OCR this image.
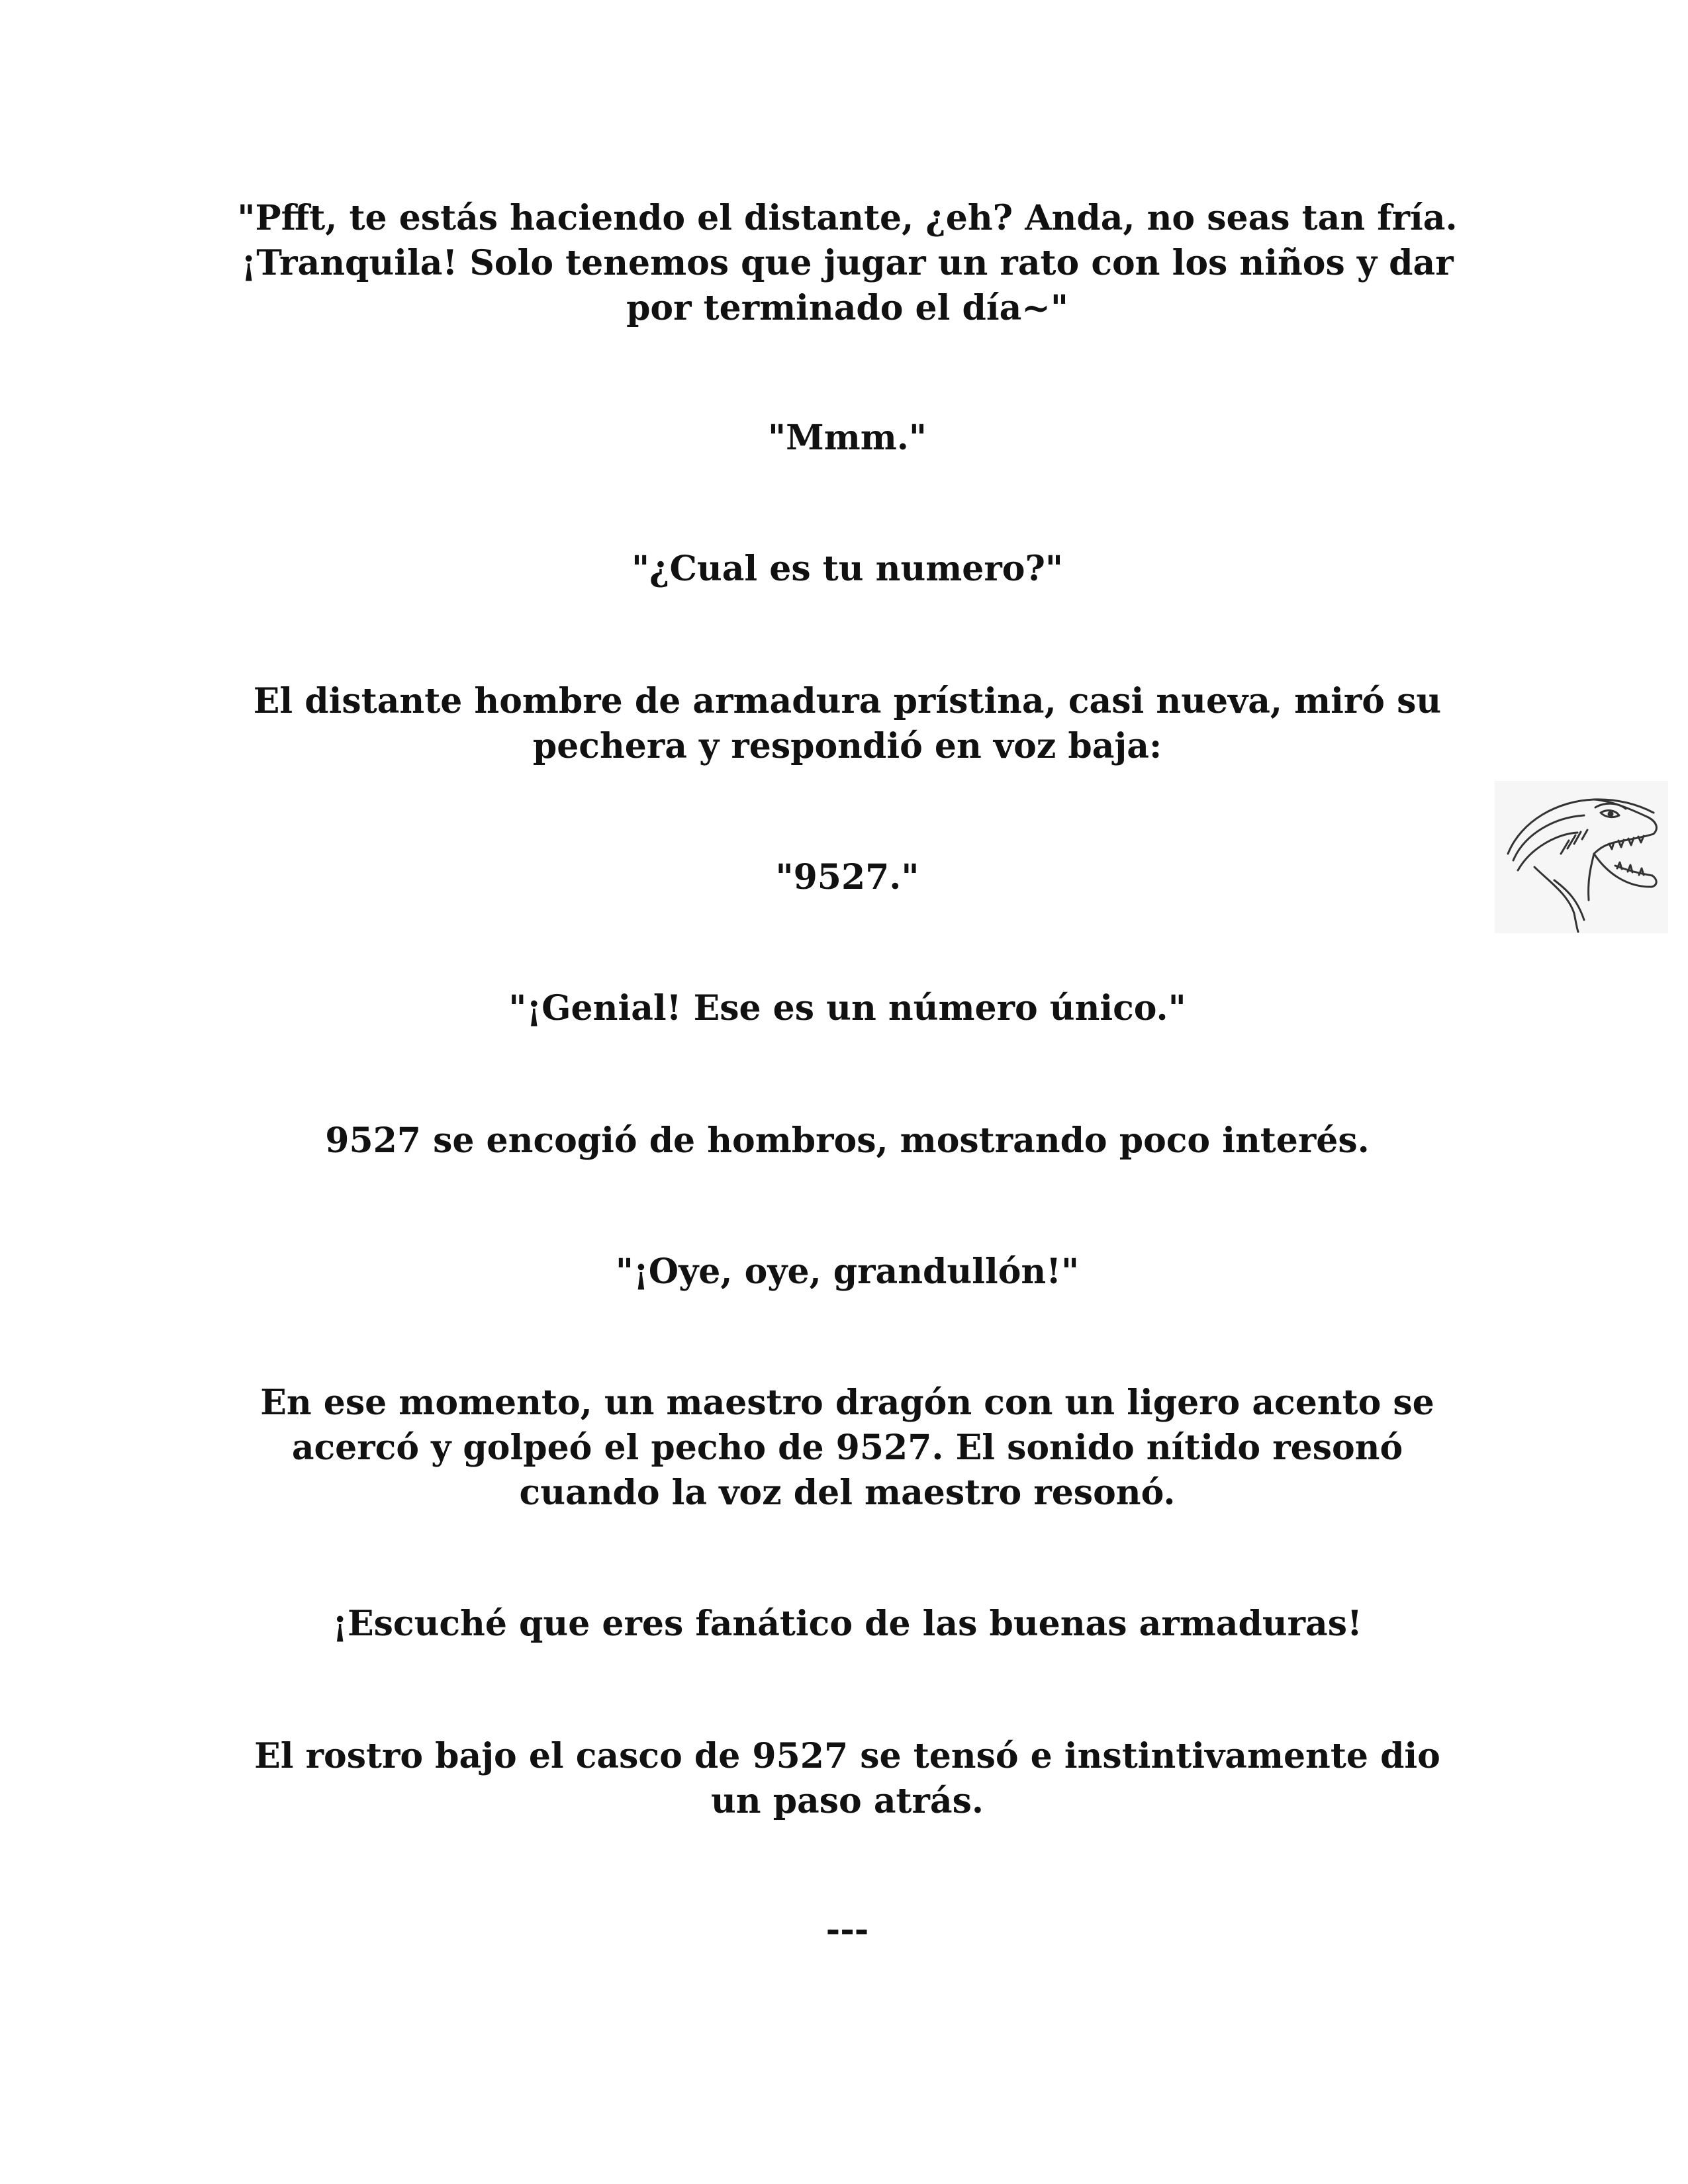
"Pfft, te estás haciendo el distante, ¿eh? Anda, no seas tan fría.
¡Tranquila! Solo tenemos que jugar un rato con los niños y dar
por terminado el día~"

"Mmm."

"¿Cual es tu numero?"

El distante hombre de armadura prístina, casi nueva, miró su
pechera y respondió en voz baja:

"9527."

"¡Genial! Ese es un número único."

9527 se encogió de hombros, mostrando poco interés.

"¡Oye, oye, grandullón!"

En ese momento, un maestro dragón con un ligero acento se
acercó y golpeó el pecho de 9527. El sonido nítido resonó
cuando la voz del maestro resonó.

¡Escuché que eres fanático de las buenas armaduras!

El rostro bajo el casco de 9527 se tensó e instintivamente dio
un paso atrás.

---
